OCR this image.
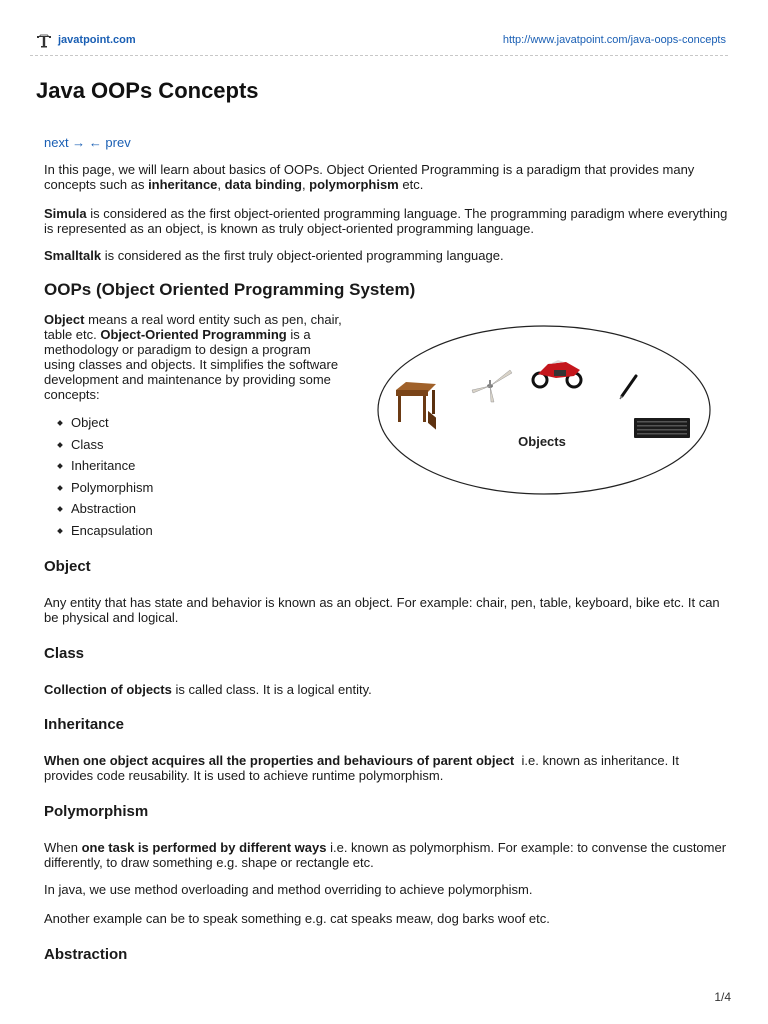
javatpoint.com	http://www.javatpoint.com/java-oops-concepts
Java OOPs Concepts
next → ← prev

In this page, we will learn about basics of OOPs. Object Oriented Programming is a paradigm that provides many concepts such as inheritance, data binding, polymorphism etc.

Simula is considered as the first object-oriented programming language. The programming paradigm where everything is represented as an object, is known as truly object-oriented programming language.

Smalltalk is considered as the first truly object-oriented programming language.

OOPs (Object Oriented Programming System)

Object means a real word entity such as pen, chair, table etc. Object-Oriented Programming is a methodology or paradigm to design a program using classes and objects. It simplifies the software development and maintenance by providing some concepts:

Object
Class
Inheritance
Polymorphism
Abstraction
Encapsulation
Objects
Object

Any entity that has state and behavior is known as an object. For example: chair, pen, table, keyboard, bike etc. It can be physical and logical.

Class

Collection of objects is called class. It is a logical entity.

Inheritance

When one object acquires all the properties and behaviours of parent object  i.e. known as inheritance. It provides code reusability. It is used to achieve runtime polymorphism.

Polymorphism

When one task is performed by different ways i.e. known as polymorphism. For example: to convense the customer differently, to draw something e.g. shape or rectangle etc.

In java, we use method overloading and method overriding to achieve polymorphism.

Another example can be to speak something e.g. cat speaks meaw, dog barks woof etc.

Abstraction
1/4
